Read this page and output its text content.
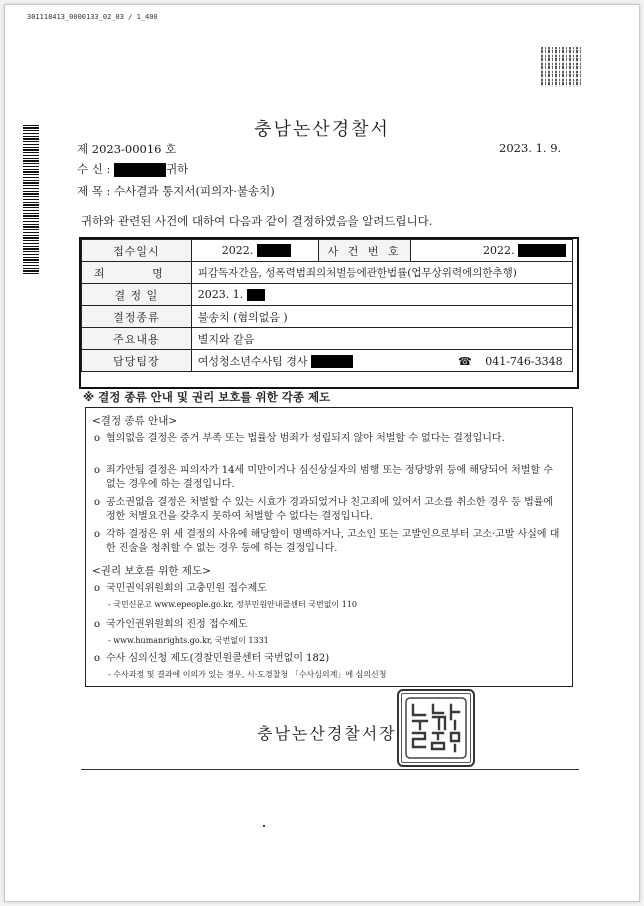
301118413_0000133_02_03 / 1_400
충남논산경찰서
제 2023-00016 호	2023. 1. 9.
수 신 :	귀하
제 목 : 수사결과 통지서(피의자·불송치)
귀하와 관련된 사건에 대하여 다음과 같이 결정하였음을 알려드립니다.
접수일시	2022.	사 건 번 호	2022.
죄 명	피감독자간음, 성폭력범죄의처벌등에관한법률(업무상위력에의한추행)		
결 정 일	2023. 1.		
결정종류	불송치 (혐의없음 )		
주요내용	별지와 같음		
담당팀장	여성청소년수사팀 경사 ☎ 041-746-3348		
※ 결정 종류 안내 및 권리 보호를 위한 각종 제도
<결정 종류 안내>
o 혐의없음 결정은 증거 부족 또는 법률상 범죄가 성립되지 않아 처벌할 수 없다는 결정입니다.
o 죄가안됨 결정은 피의자가 14세 미만이거나 심신상실자의 범행 또는 정당방위 등에 해당되어 처벌할 수 없는 경우에 하는 결정입니다.
o 공소권없음 결정은 처벌할 수 있는 시효가 경과되었거나 친고죄에 있어서 고소를 취소한 경우 등 법률에 정한 처벌요건을 갖추지 못하여 처벌할 수 없다는 결정입니다.
o 각하 결정은 위 세 결정의 사유에 해당함이 명백하거나, 고소인 또는 고발인으로부터 고소·고발 사실에 대한 진술을 청취할 수 없는 경우 등에 하는 결정입니다.
<권리 보호를 위한 제도>
o 국민권익위원회의 고충민원 접수제도
- 국민신문고 www.epeople.go.kr, 정부민원안내콜센터 국번없이 110
o 국가인권위원회의 진정 접수제도
- www.humanrights.go.kr, 국번없이 1331
o 수사 심의신청 제도(경찰민원콜센터 국번없이 182)
- 수사과정 및 결과에 이의가 있는 경우, 시·도경찰청 「수사심의계」에 심의신청
충남논산경찰서장
